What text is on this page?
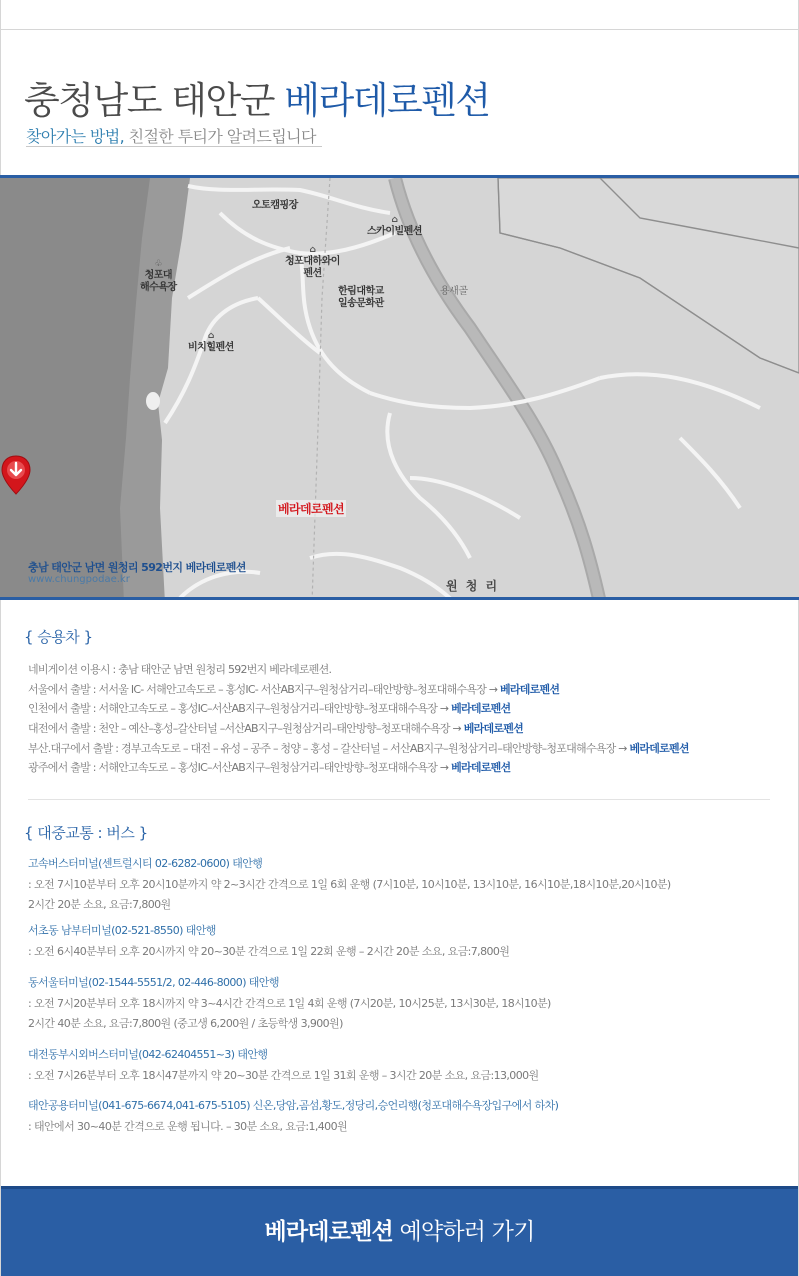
충청남도 태안군 베라데로펜션
찾아가는 방법, 친절한 투티가 알려드립니다
오토캠핑장
⌂
스카이빌펜션
♧
청포대
해수욕장
⌂
청포대하와이
펜션
한림대학교
일송문화관
용새골
⌂
비치힐펜션
원 청 리
베라데로펜션
충남 태안군 남면 원청리 592번지 베라데로펜션
www.chungpodae.kr
{ 승용차 }
네비게이션 이용시 : 충남 태안군 남면 원청리 592번지 베라데로펜션.
서울에서 출발 : 서서울 IC- 서해안고속도로 – 홍성IC- 서산AB지구–원청삼거리–태안방향–청포대해수욕장 → 베라데로펜션
인천에서 출발 : 서해안고속도로 – 홍성IC–서산AB지구–원청삼거리–태안방향–청포대해수욕장 → 베라데로펜션
대전에서 출발 : 천안 – 예산–홍성–갈산터널 –서산AB지구–원청삼거리–태안방향–청포대해수욕장 → 베라데로펜션
부산.대구에서 출발 : 경부고속도로 – 대전 – 유성 – 공주 – 청양 – 홍성 – 갈산터널 – 서산AB지구–원청삼거리–태안방향–청포대해수욕장 → 베라데로펜션
광주에서 출발 : 서해안고속도로 – 홍성IC–서산AB지구–원청삼거리–태안방향–청포대해수욕장 → 베라데로펜션
{ 대중교통 : 버스 }
고속버스터미널(센트럴시티 02-6282-0600) 태안행
: 오전 7시10분부터 오후 20시10분까지 약 2~3시간 간격으로 1일 6회 운행 (7시10분, 10시10분, 13시10분, 16시10분,18시10분,20시10분)
2시간 20분 소요, 요금:7,800원
서초동 남부터미널(02-521-8550) 태안행
: 오전 6시40분부터 오후 20시까지 약 20~30분 간격으로 1일 22회 운행 – 2시간 20분 소요, 요금:7,800원
동서울터미널(02-1544-5551/2, 02-446-8000) 태안행
: 오전 7시20분부터 오후 18시까지 약 3~4시간 간격으로 1일 4회 운행 (7시20분, 10시25분, 13시30분, 18시10분)
2시간 40분 소요, 요금:7,800원 (중고생 6,200원 / 초등학생 3,900원)
대전동부시외버스터미널(042-62404551~3) 태안행
: 오전 7시26분부터 오후 18시47분까지 약 20~30분 간격으로 1일 31회 운행 – 3시간 20분 소요, 요금:13,000원
태안공용터미널(041-675-6674,041-675-5105) 신온,당암,곰섬,황도,정당리,승언리행(청포대해수욕장입구에서 하차)
: 태안에서 30~40분 간격으로 운행 됩니다. – 30분 소요, 요금:1,400원
베라데로펜션 예약하러 가기
